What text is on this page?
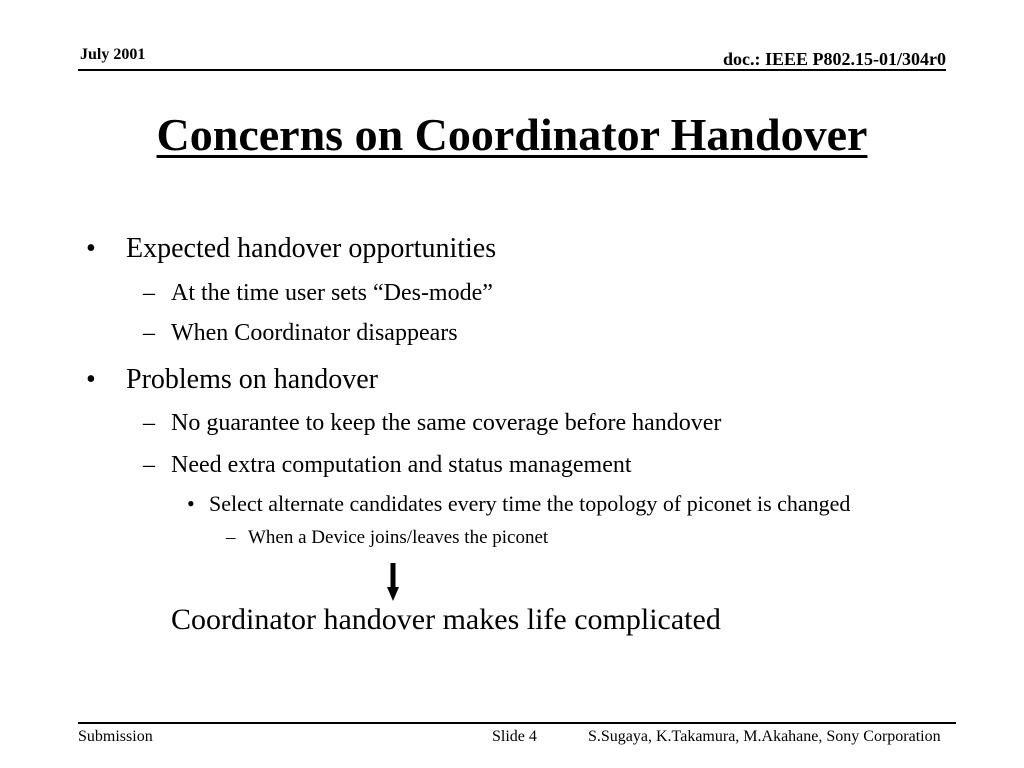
July 2001	doc.: IEEE P802.15-01/304r0
Concerns on Coordinator Handover
• Expected handover opportunities
– At the time user sets “Des-mode”
– When Coordinator disappears
• Problems on handover
– No guarantee to keep the same coverage before handover
– Need extra computation and status management
• Select alternate candidates every time the topology of piconet is changed
– When a Device joins/leaves the piconet
Coordinator handover makes life complicated
Submission	Slide 4	S.Sugaya, K.Takamura, M.Akahane, Sony Corporation
